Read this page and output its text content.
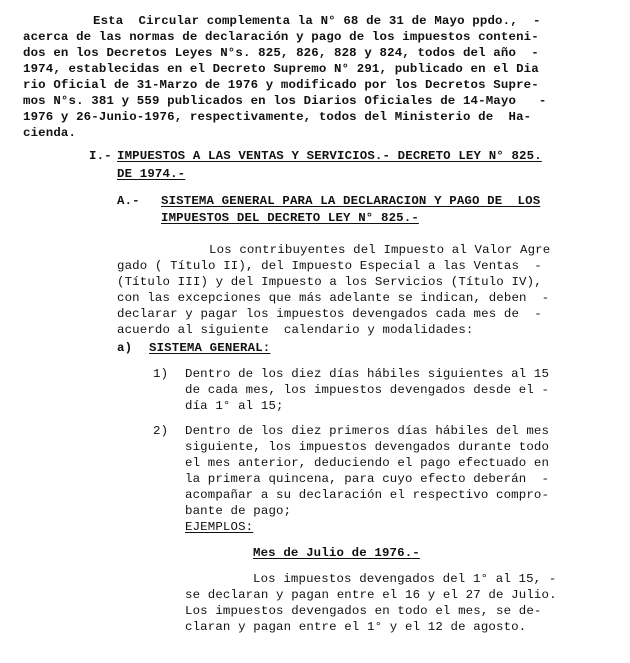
Esta  Circular complementa la N° 68 de 31 de Mayo ppdo.,  -
acerca de las normas de declaración y pago de los impuestos conteni-
dos en los Decretos Leyes N°s. 825, 826, 828 y 824, todos del año  -
1974, establecidas en el Decreto Supremo N° 291, publicado en el Dia
rio Oficial de 31-Marzo de 1976 y modificado por los Decretos Supre-
mos N°s. 381 y 559 publicados en los Diarios Oficiales de 14-Mayo   -
1976 y 26-Junio-1976, respectivamente, todos del Ministerio de  Ha-
cienda.
I.- IMPUESTOS A LAS VENTAS Y SERVICIOS.- DECRETO LEY N° 825.
DE 1974.-
A.- SISTEMA GENERAL PARA LA DECLARACION Y PAGO DE  LOS
IMPUESTOS DEL DECRETO LEY N° 825.-
Los contribuyentes del Impuesto al Valor Agre
gado ( Título II), del Impuesto Especial a las Ventas  -
(Título III) y del Impuesto a los Servicios (Título IV),
con las excepciones que más adelante se indican, deben  -
declarar y pagar los impuestos devengados cada mes de  -
acuerdo al siguiente  calendario y modalidades:
a) SISTEMA GENERAL:
1) Dentro de los diez días hábiles siguientes al 15
de cada mes, los impuestos devengados desde el -
día 1° al 15;
2) Dentro de los diez primeros días hábiles del mes
siguiente, los impuestos devengados durante todo
el mes anterior, deduciendo el pago efectuado en
la primera quincena, para cuyo efecto deberán  -
acompañar a su declaración el respectivo compro-
bante de pago;
EJEMPLOS:
Mes de Julio de 1976.-
Los impuestos devengados del 1° al 15, -
se declaran y pagan entre el 16 y el 27 de Julio.
Los impuestos devengados en todo el mes, se de-
claran y pagan entre el 1° y el 12 de agosto.
